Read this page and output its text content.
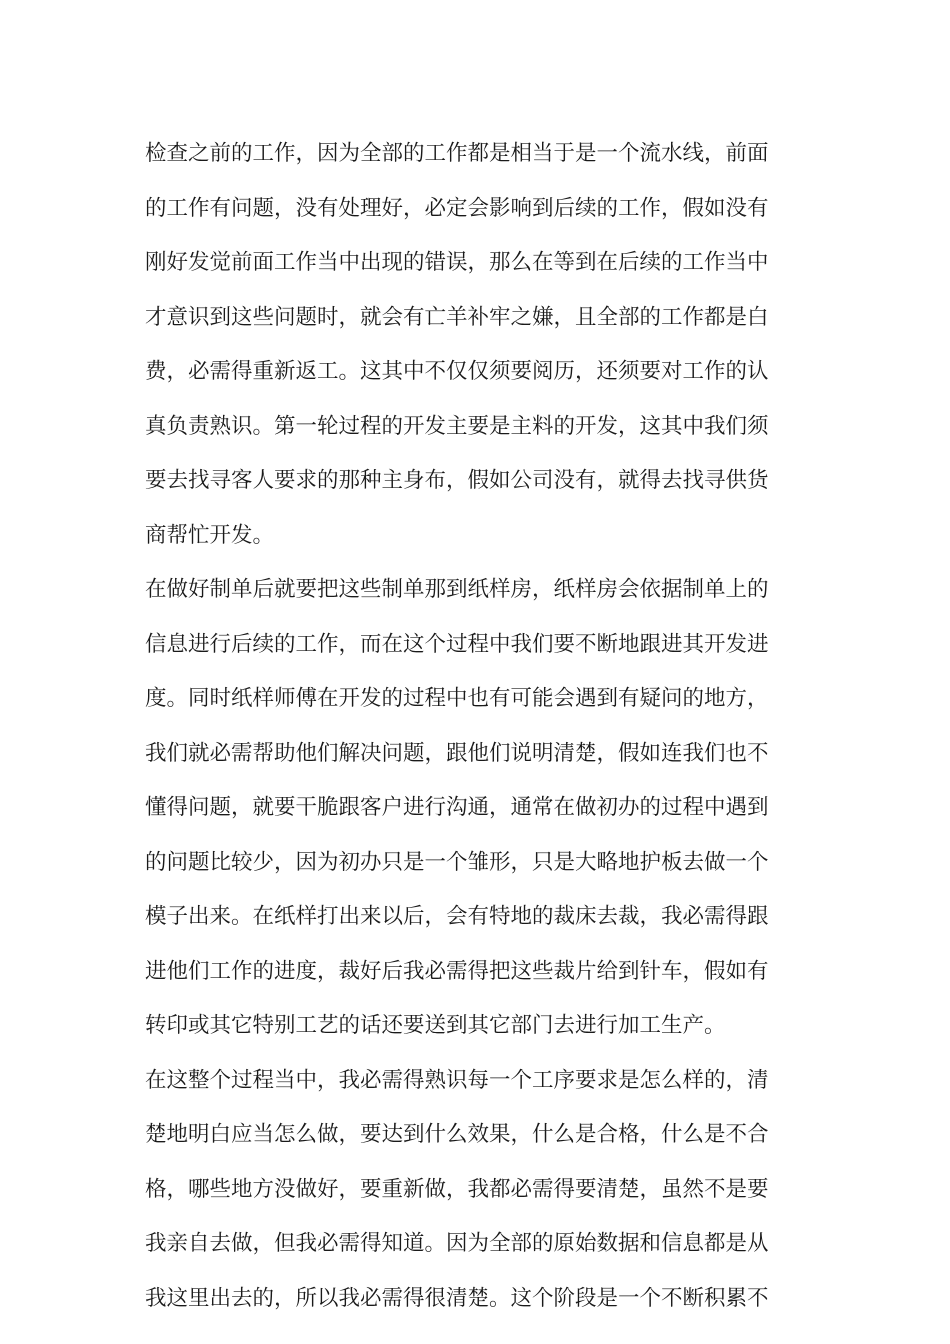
检查之前的工作，因为全部的工作都是相当于是一个流水线，前面
的工作有问题，没有处理好，必定会影响到后续的工作，假如没有
刚好发觉前面工作当中出现的错误，那么在等到在后续的工作当中
才意识到这些问题时，就会有亡羊补牢之嫌，且全部的工作都是白
费，必需得重新返工。这其中不仅仅须要阅历，还须要对工作的认
真负责熟识。第一轮过程的开发主要是主料的开发，这其中我们须
要去找寻客人要求的那种主身布，假如公司没有，就得去找寻供货
商帮忙开发。
在做好制单后就要把这些制单那到纸样房，纸样房会依据制单上的
信息进行后续的工作，而在这个过程中我们要不断地跟进其开发进
度。同时纸样师傅在开发的过程中也有可能会遇到有疑问的地方，
我们就必需帮助他们解决问题，跟他们说明清楚，假如连我们也不
懂得问题，就要干脆跟客户进行沟通，通常在做初办的过程中遇到
的问题比较少，因为初办只是一个雏形，只是大略地护板去做一个
模子出来。在纸样打出来以后，会有特地的裁床去裁，我必需得跟
进他们工作的进度，裁好后我必需得把这些裁片给到针车，假如有
转印或其它特别工艺的话还要送到其它部门去进行加工生产。
在这整个过程当中，我必需得熟识每一个工序要求是怎么样的，清
楚地明白应当怎么做，要达到什么效果，什么是合格，什么是不合
格，哪些地方没做好，要重新做，我都必需得要清楚，虽然不是要
我亲自去做，但我必需得知道。因为全部的原始数据和信息都是从
我这里出去的，所以我必需得很清楚。这个阶段是一个不断积累不
